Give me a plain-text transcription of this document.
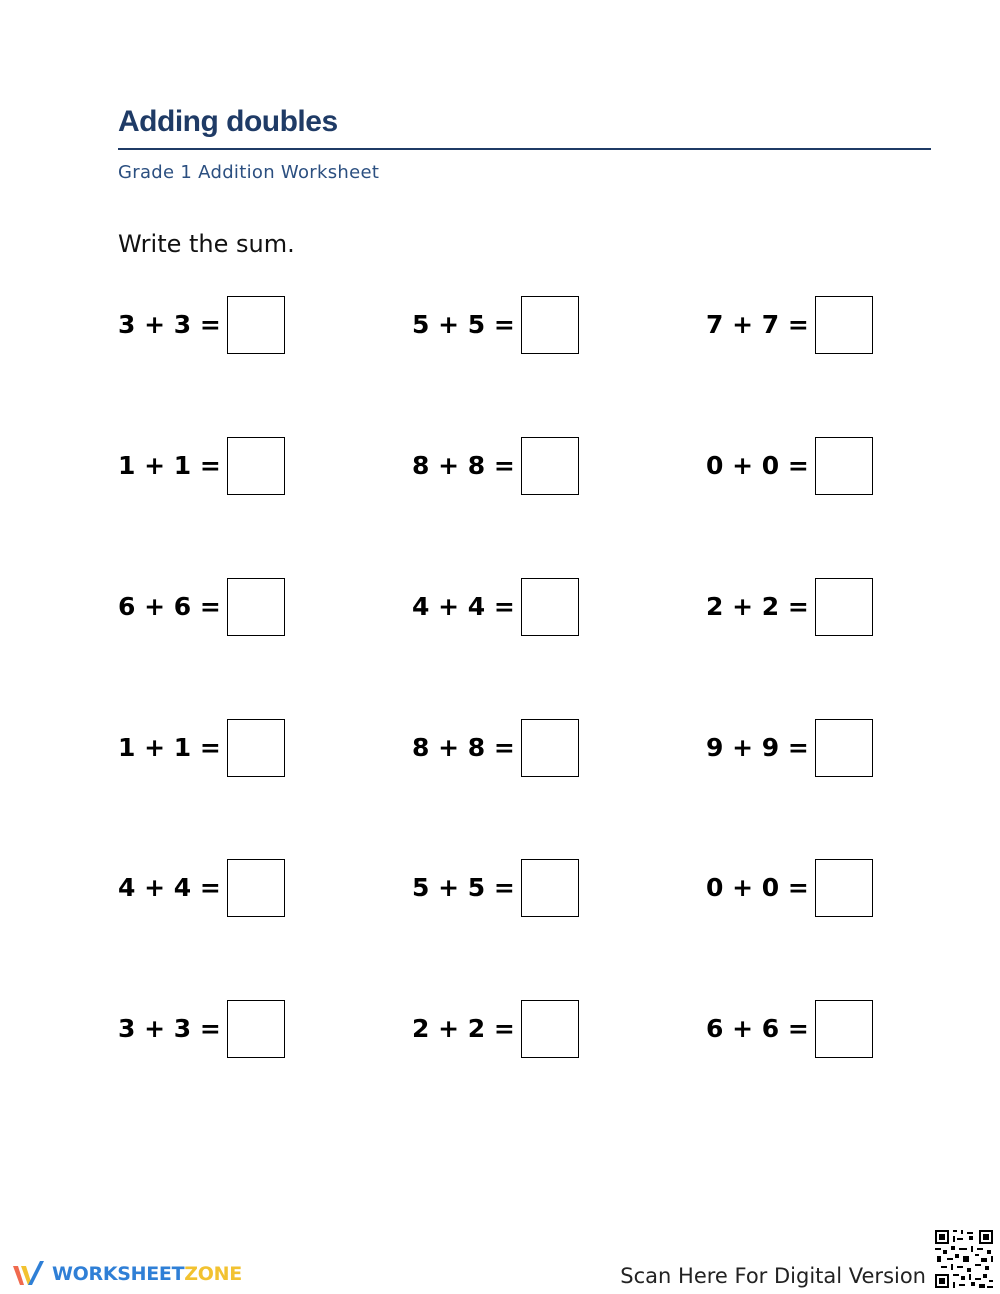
Adding doubles
Grade 1 Addition Worksheet
Write the sum.
3 + 3 =	5 + 5 =	7 + 7 =
1 + 1 =	8 + 8 =	0 + 0 =
6 + 6 =	4 + 4 =	2 + 2 =
1 + 1 =	8 + 8 =	9 + 9 =
4 + 4 =	5 + 5 =	0 + 0 =
3 + 3 =	2 + 2 =	6 + 6 =
WORKSHEETZONE	Scan Here For Digital Version
